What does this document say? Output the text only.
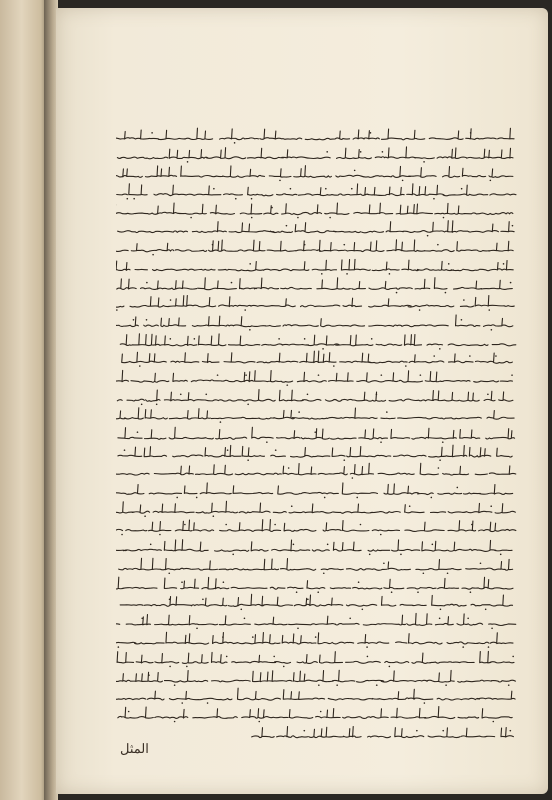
المثل
